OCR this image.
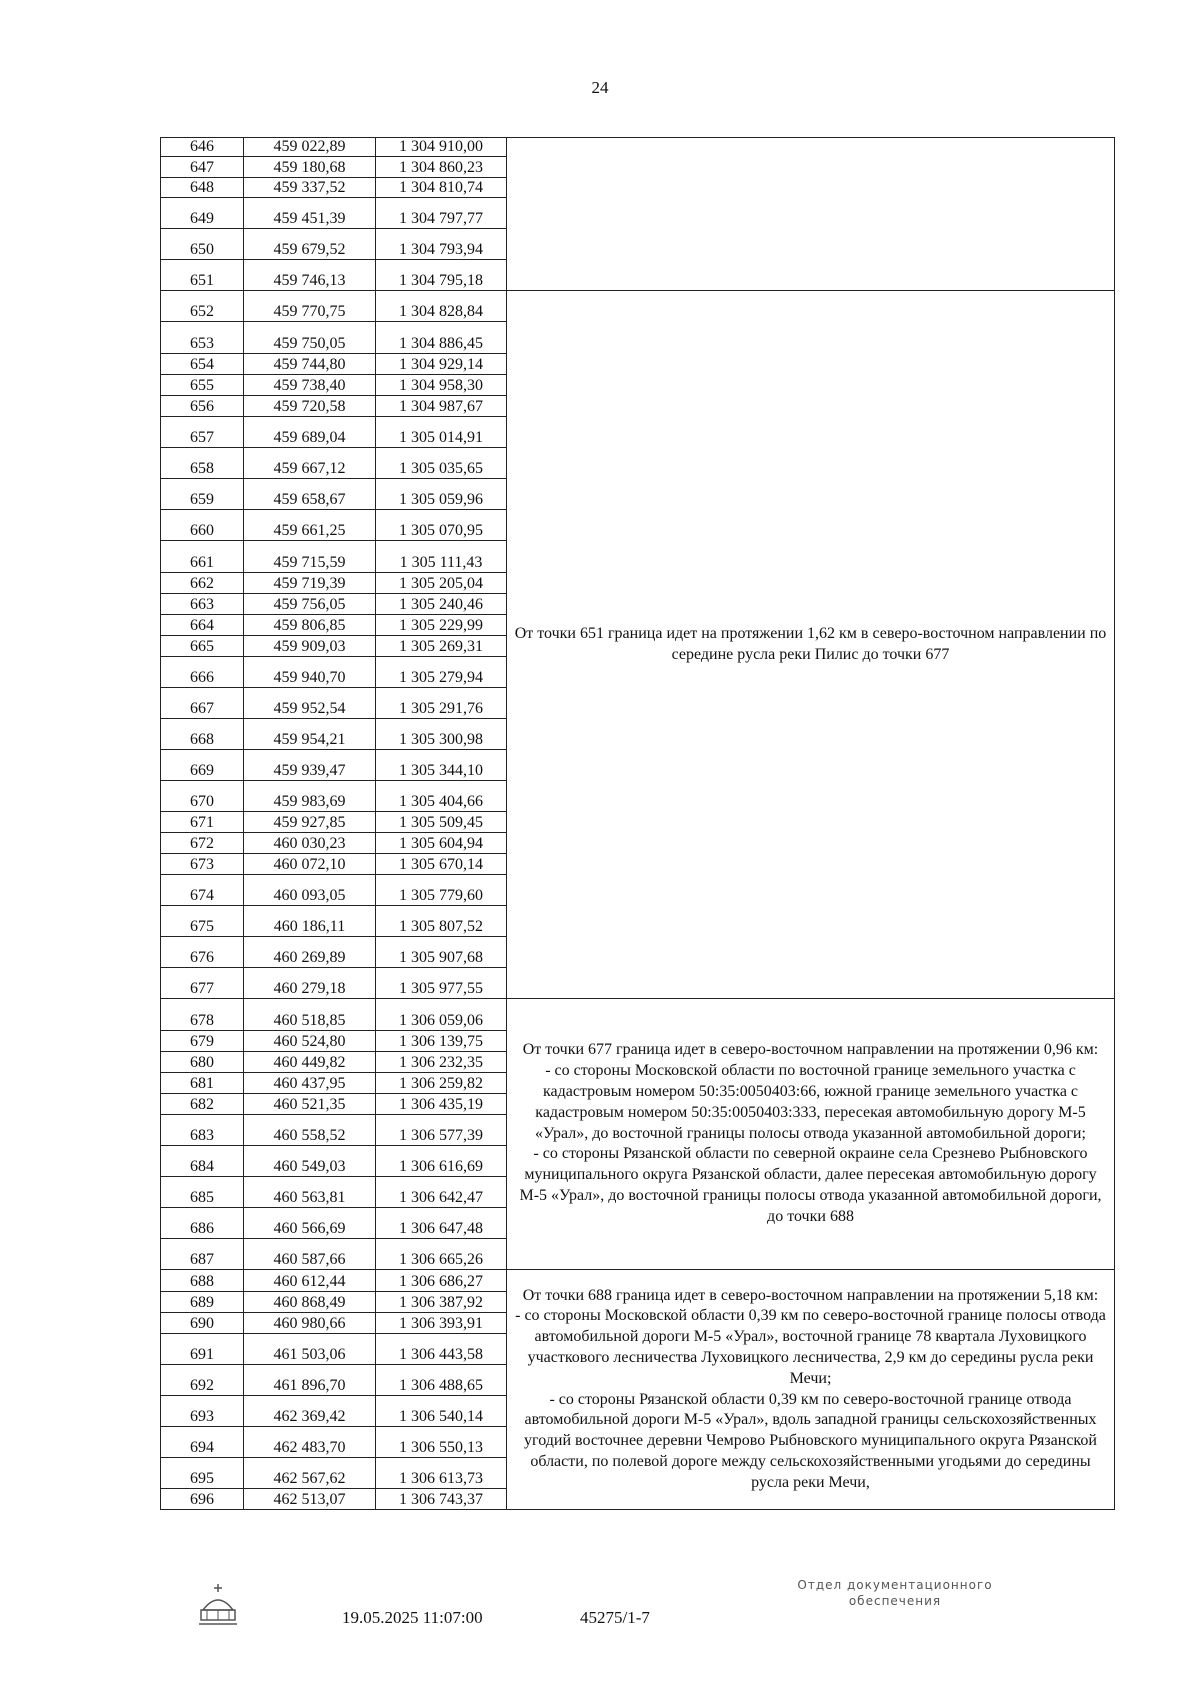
24
646	459 022,89	1 304 910,00	
647	459 180,68	1 304 860,23	
648	459 337,52	1 304 810,74	
649	459 451,39	1 304 797,77	
650	459 679,52	1 304 793,94	
651	459 746,13	1 304 795,18	
652	459 770,75	1 304 828,84	От точки 651 граница идет на протяжении 1,62 км в северо-восточном направлении по середине русла реки Пилис до точки 677

653	459 750,05	1 304 886,45	
654	459 744,80	1 304 929,14	
655	459 738,40	1 304 958,30	
656	459 720,58	1 304 987,67	
657	459 689,04	1 305 014,91	
658	459 667,12	1 305 035,65	
659	459 658,67	1 305 059,96	
660	459 661,25	1 305 070,95	
661	459 715,59	1 305 111,43	
662	459 719,39	1 305 205,04	
663	459 756,05	1 305 240,46	
664	459 806,85	1 305 229,99	
665	459 909,03	1 305 269,31	
666	459 940,70	1 305 279,94	
667	459 952,54	1 305 291,76	
668	459 954,21	1 305 300,98	
669	459 939,47	1 305 344,10	
670	459 983,69	1 305 404,66	
671	459 927,85	1 305 509,45	
672	460 030,23	1 305 604,94	
673	460 072,10	1 305 670,14	
674	460 093,05	1 305 779,60	
675	460 186,11	1 305 807,52	
676	460 269,89	1 305 907,68	
677	460 279,18	1 305 977,55	
678	460 518,85	1 306 059,06	От точки 677 граница идет в северо-восточном направлении на протяжении 0,96 км:

- со стороны Московской области по восточной границе земельного участка с кадастровым номером 50:35:0050403:66, южной границе земельного участка с кадастровым номером 50:35:0050403:333, пересекая автомобильную дорогу М-5 «Урал», до восточной границы полосы отвода указанной автомобильной дороги;

- со стороны Рязанской области по северной окраине села Срезнево Рыбновского муниципального округа Рязанской области, далее пересекая автомобильную дорогу М-5 «Урал», до восточной границы полосы отвода указанной автомобильной дороги, до точки 688

679	460 524,80	1 306 139,75	
680	460 449,82	1 306 232,35	
681	460 437,95	1 306 259,82	
682	460 521,35	1 306 435,19	
683	460 558,52	1 306 577,39	
684	460 549,03	1 306 616,69	
685	460 563,81	1 306 642,47	
686	460 566,69	1 306 647,48	
687	460 587,66	1 306 665,26	
688	460 612,44	1 306 686,27	От точки 688 граница идет в северо-восточном направлении на протяжении 5,18 км:

- со стороны Московской области 0,39 км по северо-восточной границе полосы отвода автомобильной дороги М-5 «Урал», восточной границе 78 квартала Луховицкого участкового лесничества Луховицкого лесничества, 2,9 км до середины русла реки Мечи;

- со стороны Рязанской области 0,39 км по северо-восточной границе отвода автомобильной дороги М-5 «Урал», вдоль западной границы сельскохозяйственных угодий восточнее деревни Чемрово Рыбновского муниципального округа Рязанской области, по полевой дороге между сельскохозяйственными угодьями до середины русла реки Мечи,

689	460 868,49	1 306 387,92	
690	460 980,66	1 306 393,91	
691	461 503,06	1 306 443,58	
692	461 896,70	1 306 488,65	
693	462 369,42	1 306 540,14	
694	462 483,70	1 306 550,13	
695	462 567,62	1 306 613,73	
696	462 513,07	1 306 743,37	
19.05.2025 11:07:00	45275/1-7
Отдел документационного
обеспечения
